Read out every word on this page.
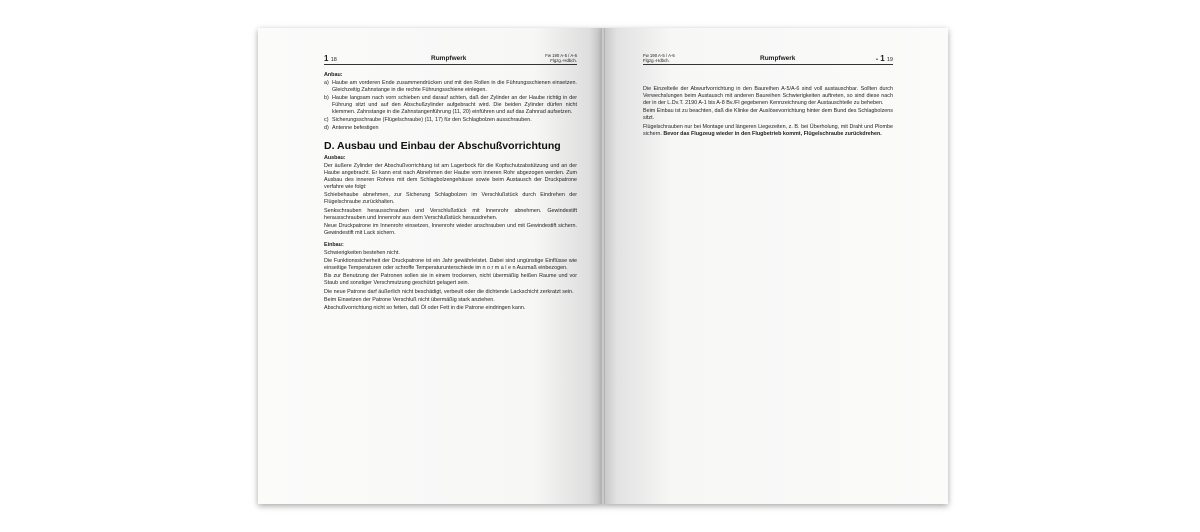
1 18	Rumpfwerk	Fw 190 A-5 / A-6
Flgzg.-Hdbch.
Anbau:
a) Haube am vorderen Ende zusammendrücken und mit den Rollen in die Führungsschienen einsetzen. Gleichzeitig Zahnstange in die rechte Führungsschiene einlegen.
b) Haube langsam nach vorn schieben und darauf achten, daß der Zylinder an der Haube richtig in der Führung sitzt und auf den Abschußzylinder aufgebracht wird. Die beiden Zylinder dürfen nicht klemmen. Zahnstange in die Zahnstangenführung (11, 20) einführen und auf das Zahnrad aufsetzen.
c) Sicherungsschraube (Flügelschraube) (11, 17) für den Schlagbolzen ausschrauben.
d) Antenne befestigen
D. Ausbau und Einbau der Abschußvorrichtung
Ausbau:

Der äußere Zylinder der Abschußvorrichtung ist am Lagerbock für die Kopfschutzabstützung und an der Haube angebracht. Er kann erst nach Abnehmen der Haube vom inneren Rohr abgezogen werden. Zum Ausbau des inneren Rohres mit dem Schlagbolzengehäuse sowie beim Austausch der Druckpatrone verfahre wie folgt:

Schiebehaube abnehmen, zur Sicherung Schlagbolzen im Verschlußstück durch Eindrehen der Flügelschraube zurückhalten.

Senkschrauben herausschrauben und Verschlußstück mit Innenrohr abnehmen. Gewindestift herausschrauben und Innenrohr aus dem Verschlußstück herausdrehen.

Neue Druckpatrone im Innenrohr einsetzen, Innenrohr wieder anschrauben und mit Gewindestift sichern. Gewindestift mit Lack sichern.

Einbau:

Schwierigkeiten bestehen nicht.

Die Funktionssicherheit der Druckpatrone ist ein Jahr gewährleistet. Dabei sind ungünstige Einflüsse wie einseitige Temperaturen oder schroffe Temperaturunterschiede im n o r m a l e n Ausmaß einbezogen.

Bis zur Benutzung der Patronen sollen sie in einem trockenen, nicht übermäßig heißen Raume und vor Staub und sonstiger Verschmutzung geschützt gelagert sein.

Die neue Patrone darf äußerlich nicht beschädigt, verbeult oder die dichtende Lackschicht zerkratzt sein.

Beim Einsetzen der Patrone Verschluß nicht übermäßig stark anziehen.

Abschußvorrichtung nicht so fetten, daß Öl oder Fett in die Patrone eindringen kann.

Fw 190 A-5 / A-6
Flgzg.-Hdbch.	Rumpfwerk	• 1 19

Die Einzelteile der Abwurfvorrichtung in den Baureihen A-5/A-6 sind voll austauschbar. Sollten durch Verwechslungen beim Austausch mit anderen Baureihen Schwierigkeiten auftreten, so sind diese nach der in der L.Dv.T. 2190 A-1 bis A-8 Bv./Fl gegebenen Kennzeichnung der Austauschteile zu beheben.

Beim Einbau ist zu beachten, daß die Klinke der Auslösevorrichtung hinter dem Bund des Schlagbolzens sitzt.

Flügelschrauben nur bei Montage und längeren Liegezeiten, z. B. bei Überholung, mit Draht und Plombe sichern. Bevor das Flugzeug wieder in den Flugbetrieb kommt, Flügelschraube zurückdrehen.
